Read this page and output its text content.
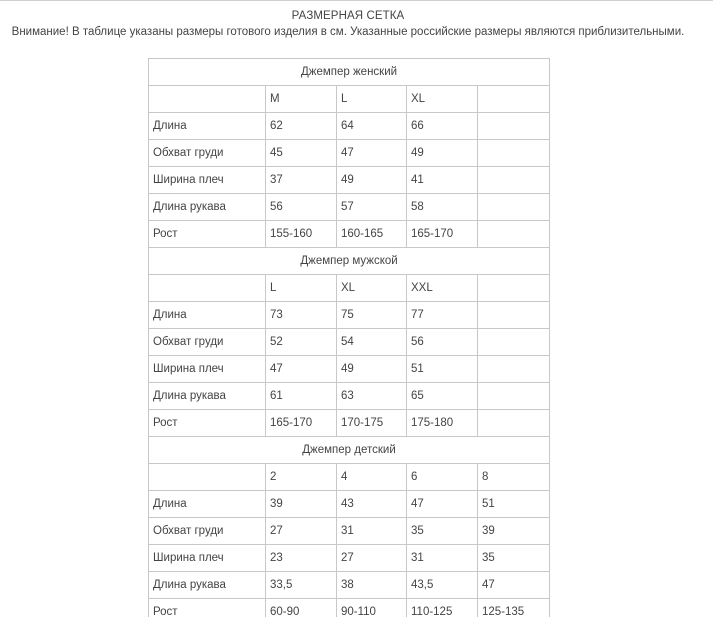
РАЗМЕРНАЯ СЕТКА
Внимание! В таблице указаны размеры готового изделия в см. Указанные российские размеры являются приблизительными.
Джемпер женский				
	M	L	XL	
Длина	62	64	66	
Обхват груди	45	47	49	
Ширина плеч	37	49	41	
Длина рукава	56	57	58	
Рост	155-160	160-165	165-170	
Джемпер мужской				
	L	XL	XXL	
Длина	73	75	77	
Обхват груди	52	54	56	
Ширина плеч	47	49	51	
Длина рукава	61	63	65	
Рост	165-170	170-175	175-180	
Джемпер детский				
	2	4	6	8
Длина	39	43	47	51
Обхват груди	27	31	35	39
Ширина плеч	23	27	31	35
Длина рукава	33,5	38	43,5	47
Рост	60-90	90-110	110-125	125-135
